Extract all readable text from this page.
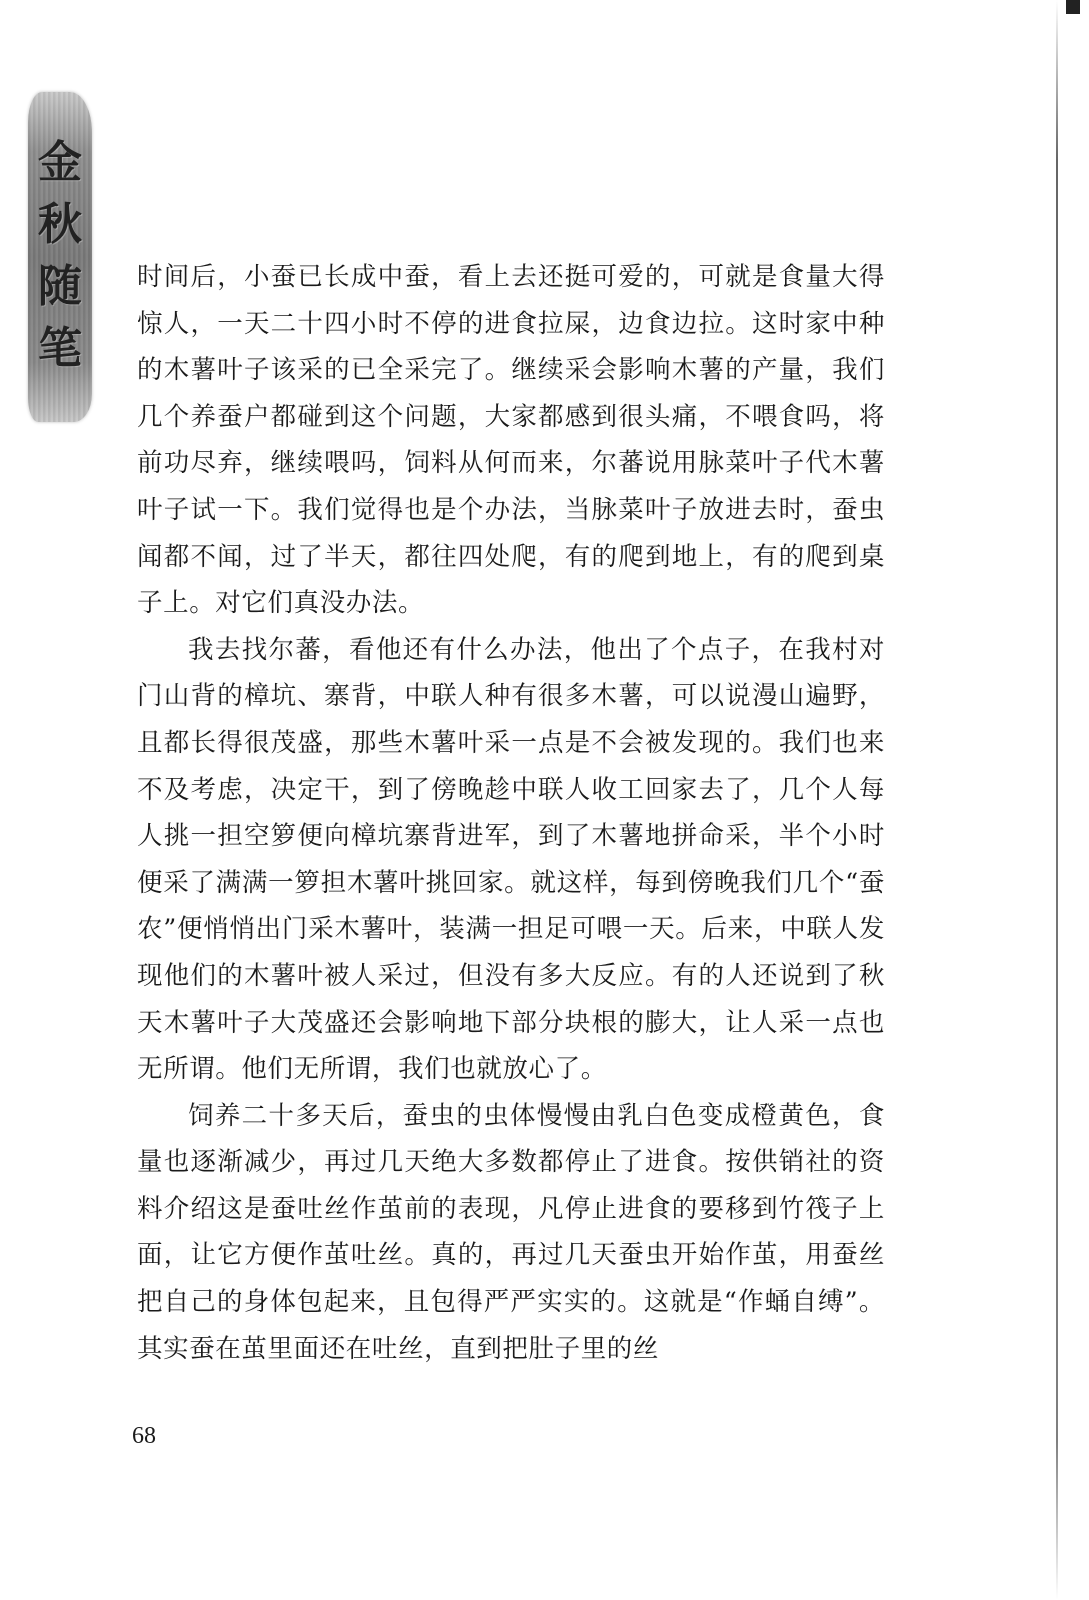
金
秋
随
笔

时间后，小蚕已长成中蚕，看上去还挺可爱的，可就是食量大得惊人，一天二十四小时不停的进食拉屎，边食边拉。这时家中种的木薯叶子该采的已全采完了。继续采会影响木薯的产量，我们几个养蚕户都碰到这个问题，大家都感到很头痛，不喂食吗，将前功尽弃，继续喂吗，饲料从何而来，尔蕃说用脉菜叶子代木薯叶子试一下。我们觉得也是个办法，当脉菜叶子放进去时，蚕虫闻都不闻，过了半天，都往四处爬，有的爬到地上，有的爬到桌子上。对它们真没办法。

我去找尔蕃，看他还有什么办法，他出了个点子，在我村对门山背的樟坑、寨背，中联人种有很多木薯，可以说漫山遍野，且都长得很茂盛，那些木薯叶采一点是不会被发现的。我们也来不及考虑，决定干，到了傍晚趁中联人收工回家去了，几个人每人挑一担空箩便向樟坑寨背进军，到了木薯地拼命采，半个小时便采了满满一箩担木薯叶挑回家。就这样，每到傍晚我们几个“蚕农”便悄悄出门采木薯叶，装满一担足可喂一天。后来，中联人发现他们的木薯叶被人采过，但没有多大反应。有的人还说到了秋天木薯叶子大茂盛还会影响地下部分块根的膨大，让人采一点也无所谓。他们无所谓，我们也就放心了。

饲养二十多天后，蚕虫的虫体慢慢由乳白色变成橙黄色，食量也逐渐减少，再过几天绝大多数都停止了进食。按供销社的资料介绍这是蚕吐丝作茧前的表现，凡停止进食的要移到竹筏子上面，让它方便作茧吐丝。真的，再过几天蚕虫开始作茧，用蚕丝把自己的身体包起来，且包得严严实实的。这就是“作蛹自缚”。其实蚕在茧里面还在吐丝，直到把肚子里的丝

68
